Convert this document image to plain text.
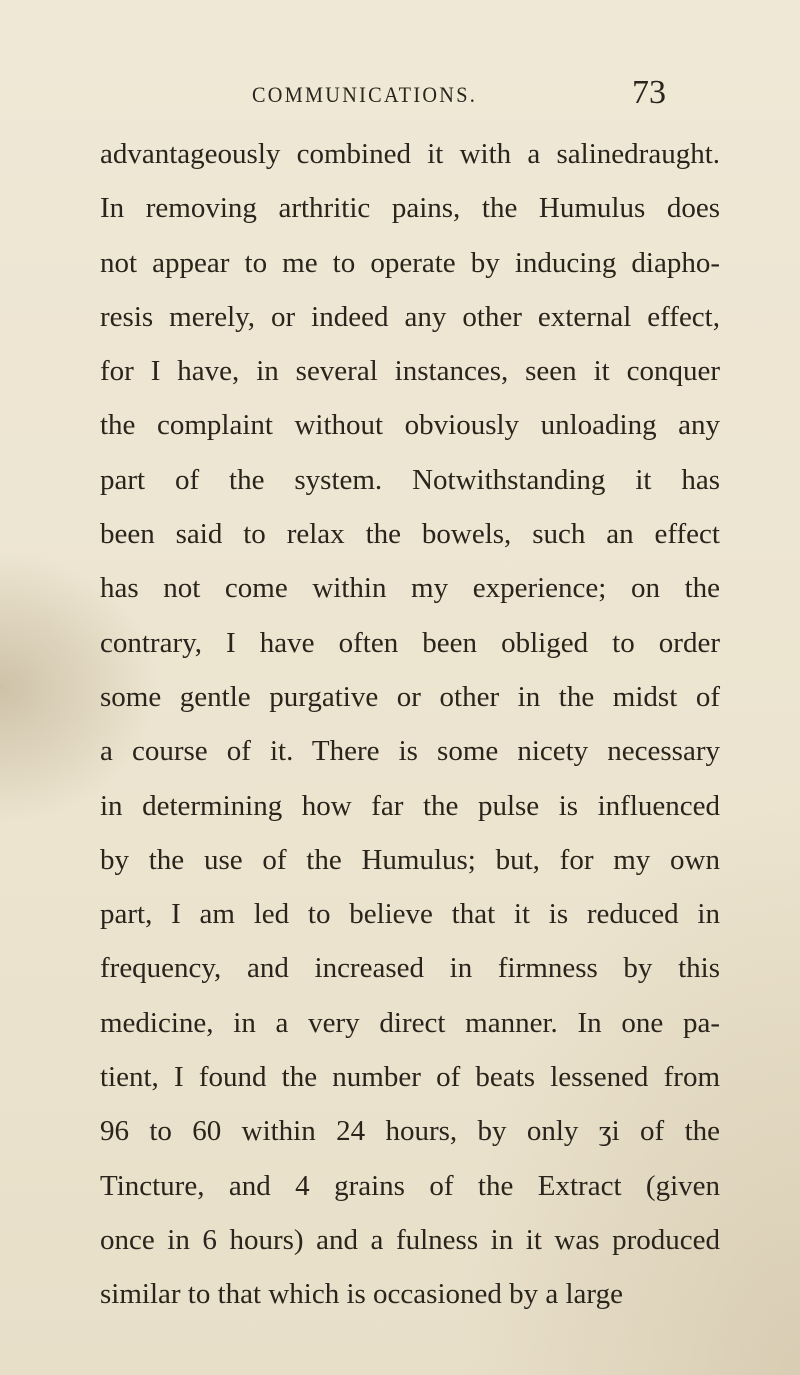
COMMUNICATIONS.	73
advantageously combined it with a salinedraught.
In removing arthritic pains, the Humulus does
not appear to me to operate by inducing diapho-
resis merely, or indeed any other external effect,
for I have, in several instances, seen it conquer
the complaint without obviously unloading any
part of the system. Notwithstanding it has
been said to relax the bowels, such an effect
has not come within my experience; on the
contrary, I have often been obliged to order
some gentle purgative or other in the midst of
a course of it. There is some nicety necessary
in determining how far the pulse is influenced
by the use of the Humulus; but, for my own
part, I am led to believe that it is reduced in
frequency, and increased in firmness by this
medicine, in a very direct manner. In one pa-
tient, I found the number of beats lessened from
96 to 60 within 24 hours, by only ʒi of the
Tincture, and 4 grains of the Extract (given
once in 6 hours) and a fulness in it was produced
similar to that which is occasioned by a large
